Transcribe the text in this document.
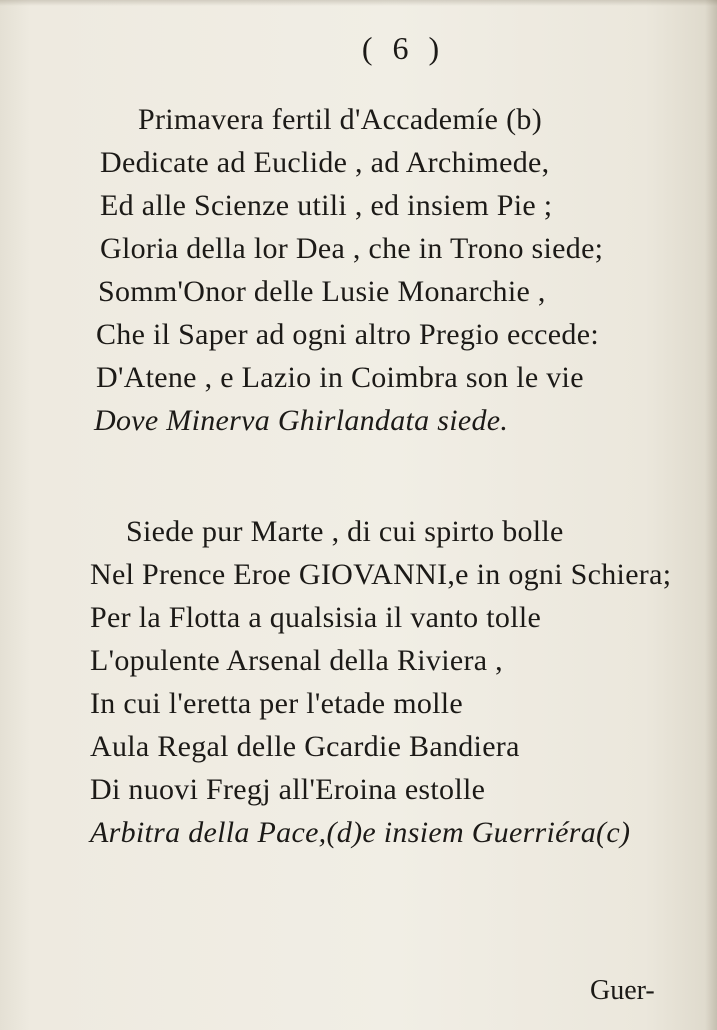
( 6 )
Primavera fertil d'Accademíe (b)
Dedicate ad Euclide , ad Archimede,
Ed alle Scienze utili , ed insiem Pie ;
Gloria della lor Dea , che in Trono siede;
Somm'Onor delle Lusie Monarchie ,
Che il Saper ad ogni altro Pregio eccede:
D'Atene , e Lazio in Coimbra son le vie
Dove Minerva Ghirlandata siede.
Siede pur Marte , di cui spirto bolle
Nel Prence Eroe GIOVANNI,e in ogni Schiera;
Per la Flotta a qualsisia il vanto tolle
L'opulente Arsenal della Riviera ,
In cui l'eretta per l'etade molle
Aula Regal delle Gcardie Bandiera
Di nuovi Fregj all'Eroina estolle
Arbitra della Pace,(d)e insiem Guerriéra(c)
Guer-
